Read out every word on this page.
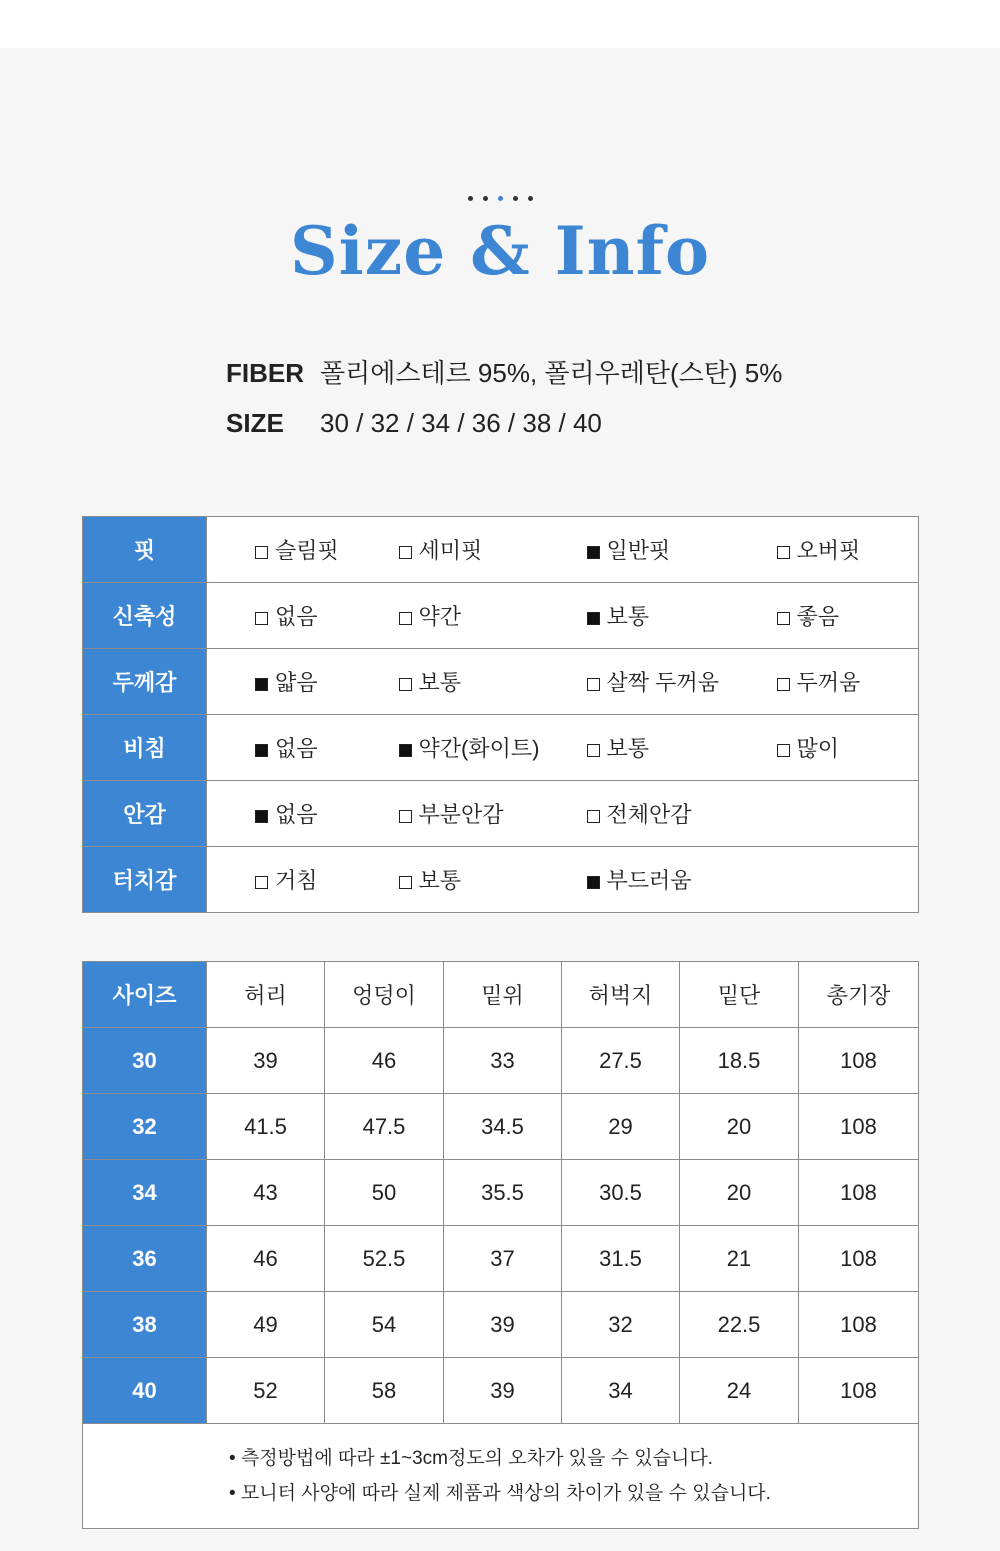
Size & Info
FIBER 폴리에스테르 95%, 폴리우레탄(스탄) 5%
SIZE 30 / 32 / 34 / 36 / 38 / 40
핏	슬림핏	세미핏	일반핏	오버핏
신축성	없음	약간	보통	좋음
두께감	얇음	보통	살짝 두꺼움	두꺼움
비침	없음	약간(화이트)	보통	많이
안감	없음	부분안감	전체안감	
터치감	거침	보통	부드러움	
사이즈	허리	엉덩이	밑위	허벅지	밑단	총기장
30	39	46	33	27.5	18.5	108
32	41.5	47.5	34.5	29	20	108
34	43	50	35.5	30.5	20	108
36	46	52.5	37	31.5	21	108
38	49	54	39	32	22.5	108
40	52	58	39	34	24	108

• 측정방법에 따라 ±1~3cm정도의 오차가 있을 수 있습니다.
• 모니터 사양에 따라 실제 제품과 색상의 차이가 있을 수 있습니다.
